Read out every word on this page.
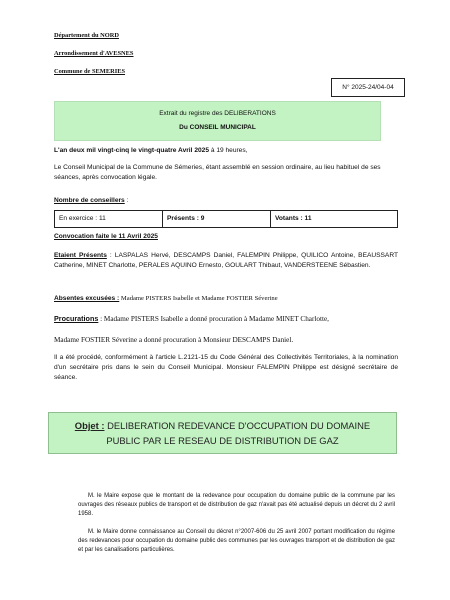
Département du NORD
Arrondissement d'AVESNES
Commune de SEMERIES
N° 2025-24/04-04
Extrait du registre des DELIBERATIONS
Du CONSEIL MUNICIPAL
L'an deux mil vingt-cinq le vingt-quatre Avril 2025 à 19 heures,
Le Conseil Municipal de la Commune de Sémeries, étant assemblé en session ordinaire, au lieu habituel de ses séances, après convocation légale.
Nombre de conseillers :
En exercice : 11	Présents : 9	Votants : 11
Convocation faite le 11 Avril 2025
Etaient Présents : LASPALAS Hervé, DESCAMPS Daniel, FALEMPIN Philippe, QUILICO Antoine, BEAUSSART Catherine, MINET Charlotte, PERALES AQUINO Ernesto, GOULART Thibaut, VANDERSTEENE Sébastien.
Absentes excusées : Madame PISTERS Isabelle et Madame FOSTIER Séverine
Procurations : Madame PISTERS Isabelle a donné procuration à Madame MINET Charlotte,
Madame FOSTIER Séverine a donné procuration à Monsieur DESCAMPS Daniel.
Il a été procédé, conformément à l'article L.2121-15 du Code Général des Collectivités Territoriales, à la nomination d'un secrétaire pris dans le sein du Conseil Municipal. Monsieur FALEMPIN Philippe est désigné secrétaire de séance.
Objet : DELIBERATION REDEVANCE D'OCCUPATION DU DOMAINE
PUBLIC PAR LE RESEAU DE DISTRIBUTION DE GAZ
M. le Maire expose que le montant de la redevance pour occupation du domaine public de la commune par les ouvrages des réseaux publics de transport et de distribution de gaz n'avait pas été actualisé depuis un décret du 2 avril 1958.
M. le Maire donne connaissance au Conseil du décret n°2007-606 du 25 avril 2007 portant modification du régime des redevances pour occupation du domaine public des communes par les ouvrages transport et de distribution de gaz et par les canalisations particulières.
